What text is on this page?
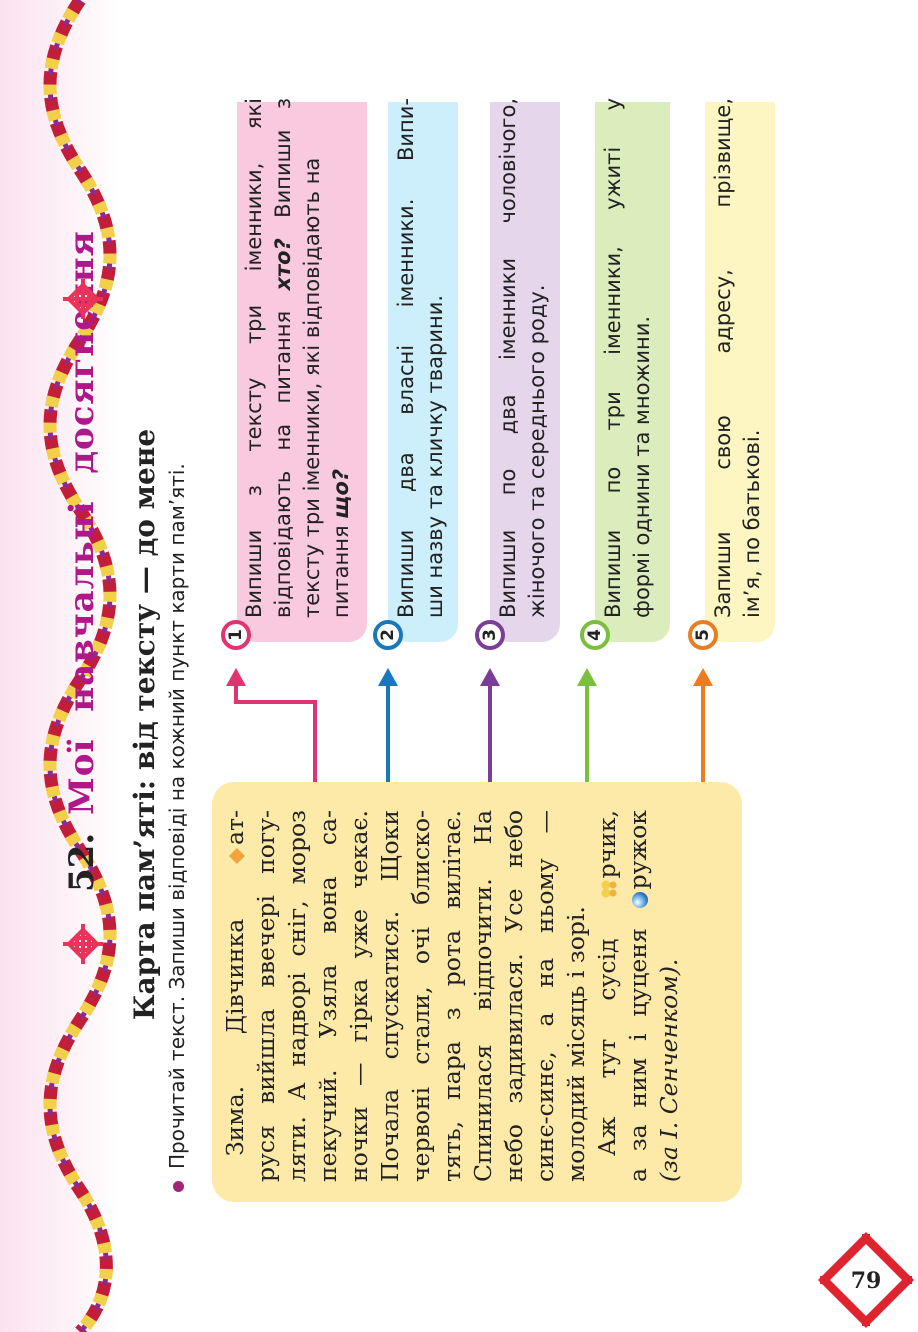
52.
Мої навчальні досягнення Карта пам’яті: від тексту — до мене Прочитай текст. Запиши відповіді на кожний пункт карти пам’яті. Зима. Дівчинка ат- руся вийшла ввечері погу- ляти. А надворі сніг, мороз пекучий. Узяла вона са- ночки — гірка уже чекає. Почала спускатися. Щоки червоні стали, очі блиско- тять, пара з рота вилітає. Спинилася відпочити. На небо задивилася. Усе небо синє-синє, а на ньому — молодий місяць і зорі. Аж тут сусід рчик,
а за ним і цуценя ружок
(за І. Сенченком).
1
Випиши з тексту три іменники, які відповідають на питання хто? Випиши з тексту три іменники, які відповідають на питання що?
2
Випиши два власні іменники. Випи- ши назву та кличку тварини.
3
Випиши по два іменники чоловічого, жіночого та середнього роду.
4
Випиши по три іменники, ужиті у формі однини та множини.
5
Запиши свою адресу, прізвище, ім’я, по батькові.
79
